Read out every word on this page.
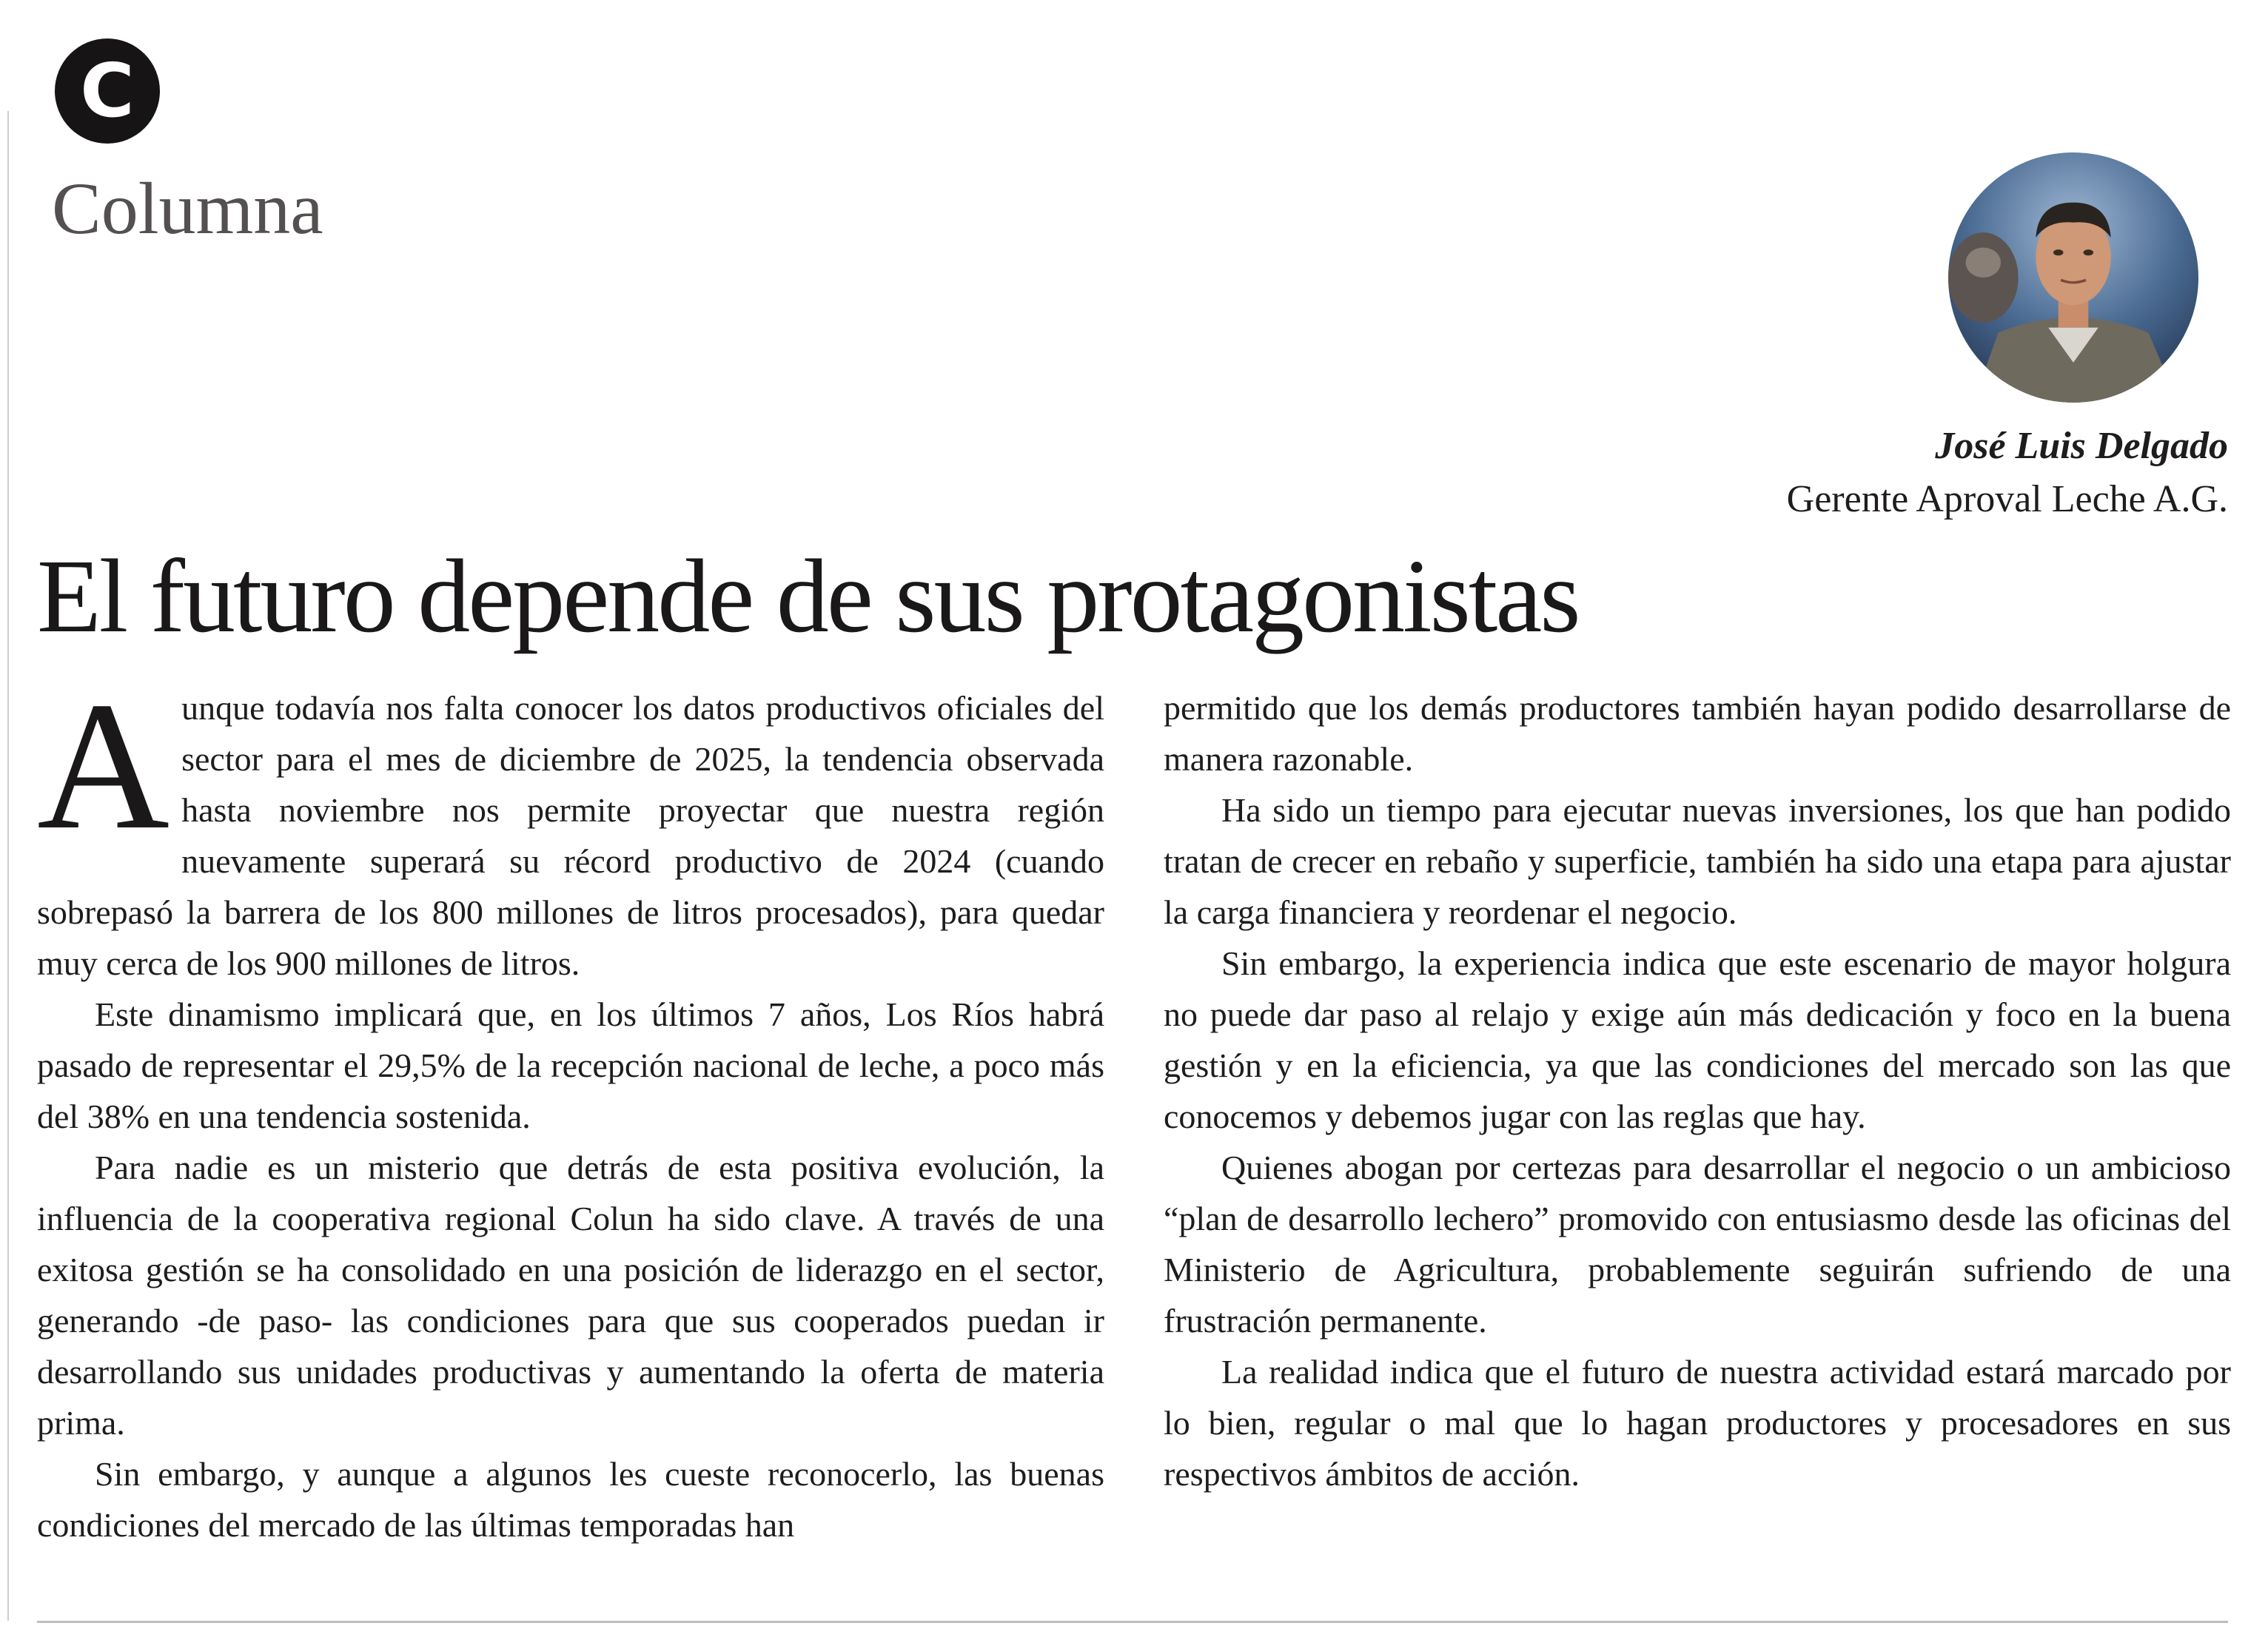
C
Columna
José Luis Delgado
Gerente Aproval Leche A.G.
El futuro depende de sus protagonistas

Aunque todavía nos falta conocer los datos productivos oficiales del sector para el mes de diciembre de 2025, la tendencia observada hasta noviembre nos permite proyectar que nuestra región nuevamente superará su récord productivo de 2024 (cuando sobrepasó la barrera de los 800 millones de litros procesados), para quedar muy cerca de los 900 millones de litros.

Este dinamismo implicará que, en los últimos 7 años, Los Ríos habrá pasado de representar el 29,5% de la recepción nacional de leche, a poco más del 38% en una tendencia sostenida.

Para nadie es un misterio que detrás de esta positiva evolución, la influencia de la cooperativa regional Colun ha sido clave. A través de una exitosa gestión se ha consolidado en una posición de liderazgo en el sector, generando -de paso- las condiciones para que sus cooperados puedan ir desarrollando sus unidades productivas y aumentando la oferta de materia prima.

Sin embargo, y aunque a algunos les cueste reconocerlo, las buenas condiciones del mercado de las últimas temporadas han

permitido que los demás productores también hayan podido desarrollarse de manera razonable.

Ha sido un tiempo para ejecutar nuevas inversiones, los que han podido tratan de crecer en rebaño y superficie, también ha sido una etapa para ajustar la carga financiera y reordenar el negocio.

Sin embargo, la experiencia indica que este escenario de mayor holgura no puede dar paso al relajo y exige aún más dedicación y foco en la buena gestión y en la eficiencia, ya que las condiciones del mercado son las que conocemos y debemos jugar con las reglas que hay.

Quienes abogan por certezas para desarrollar el negocio o un ambicioso “plan de desarrollo lechero” promovido con entusiasmo desde las oficinas del Ministerio de Agricultura, probablemente seguirán sufriendo de una frustración permanente.

La realidad indica que el futuro de nuestra actividad estará marcado por lo bien, regular o mal que lo hagan productores y procesadores en sus respectivos ámbitos de acción.
